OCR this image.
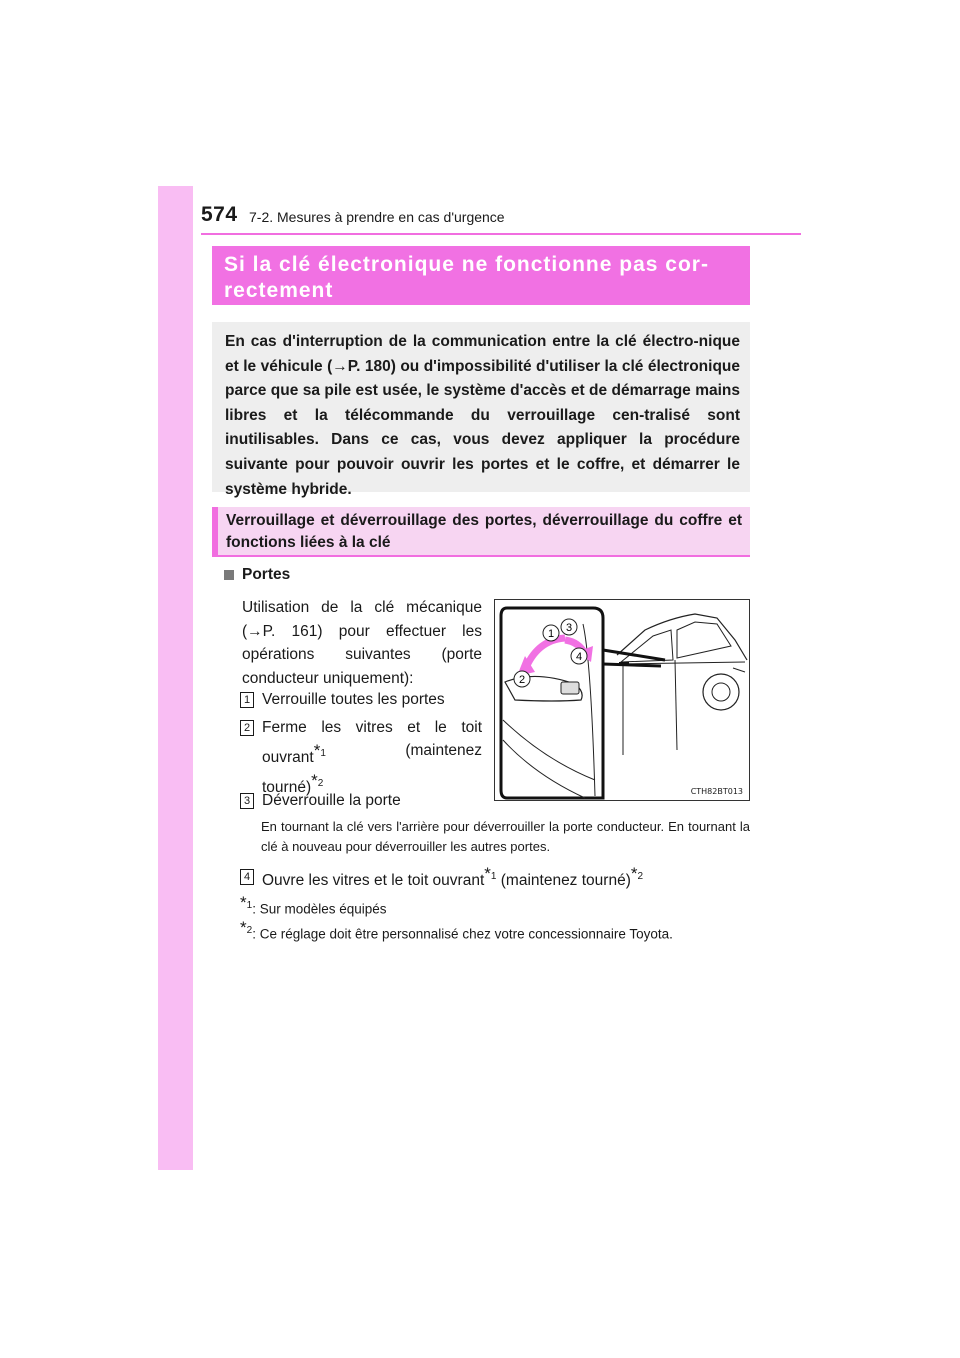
574 7-2. Mesures à prendre en cas d'urgence
Si la clé électronique ne fonctionne pas cor-
rectement
En cas d'interruption de la communication entre la clé électro-nique et le véhicule (→P. 180) ou d'impossibilité d'utiliser la clé électronique parce que sa pile est usée, le système d'accès et de démarrage mains libres et la télécommande du verrouillage cen-tralisé sont inutilisables. Dans ce cas, vous devez appliquer la procédure suivante pour pouvoir ouvrir les portes et le coffre, et démarrer le système hybride.
Verrouillage et déverrouillage des portes, déverrouillage du coffre et fonctions liées à la clé
Portes
Utilisation de la clé mécanique (→P. 161) pour effectuer les opérations suivantes (porte conducteur uniquement):
1 Verrouille toutes les portes
2 Ferme les vitres et le toit
ouvrant$^{*1}$	(maintenez
tourné)$^{*2}$
3 Déverrouille la porte
En tournant la clé vers l'arrière pour déverrouiller la porte conducteur. En tournant la clé à nouveau pour déverrouiller les autres portes.
4 Ouvre les vitres et le toit ouvrant$^{*1}$ (maintenez tourné)$^{*2}$
$^{*1}$: Sur modèles équipés
$^{*2}$: Ce réglage doit être personnalisé chez votre concessionnaire Toyota.
1
2
3
4
CTH82BT013
